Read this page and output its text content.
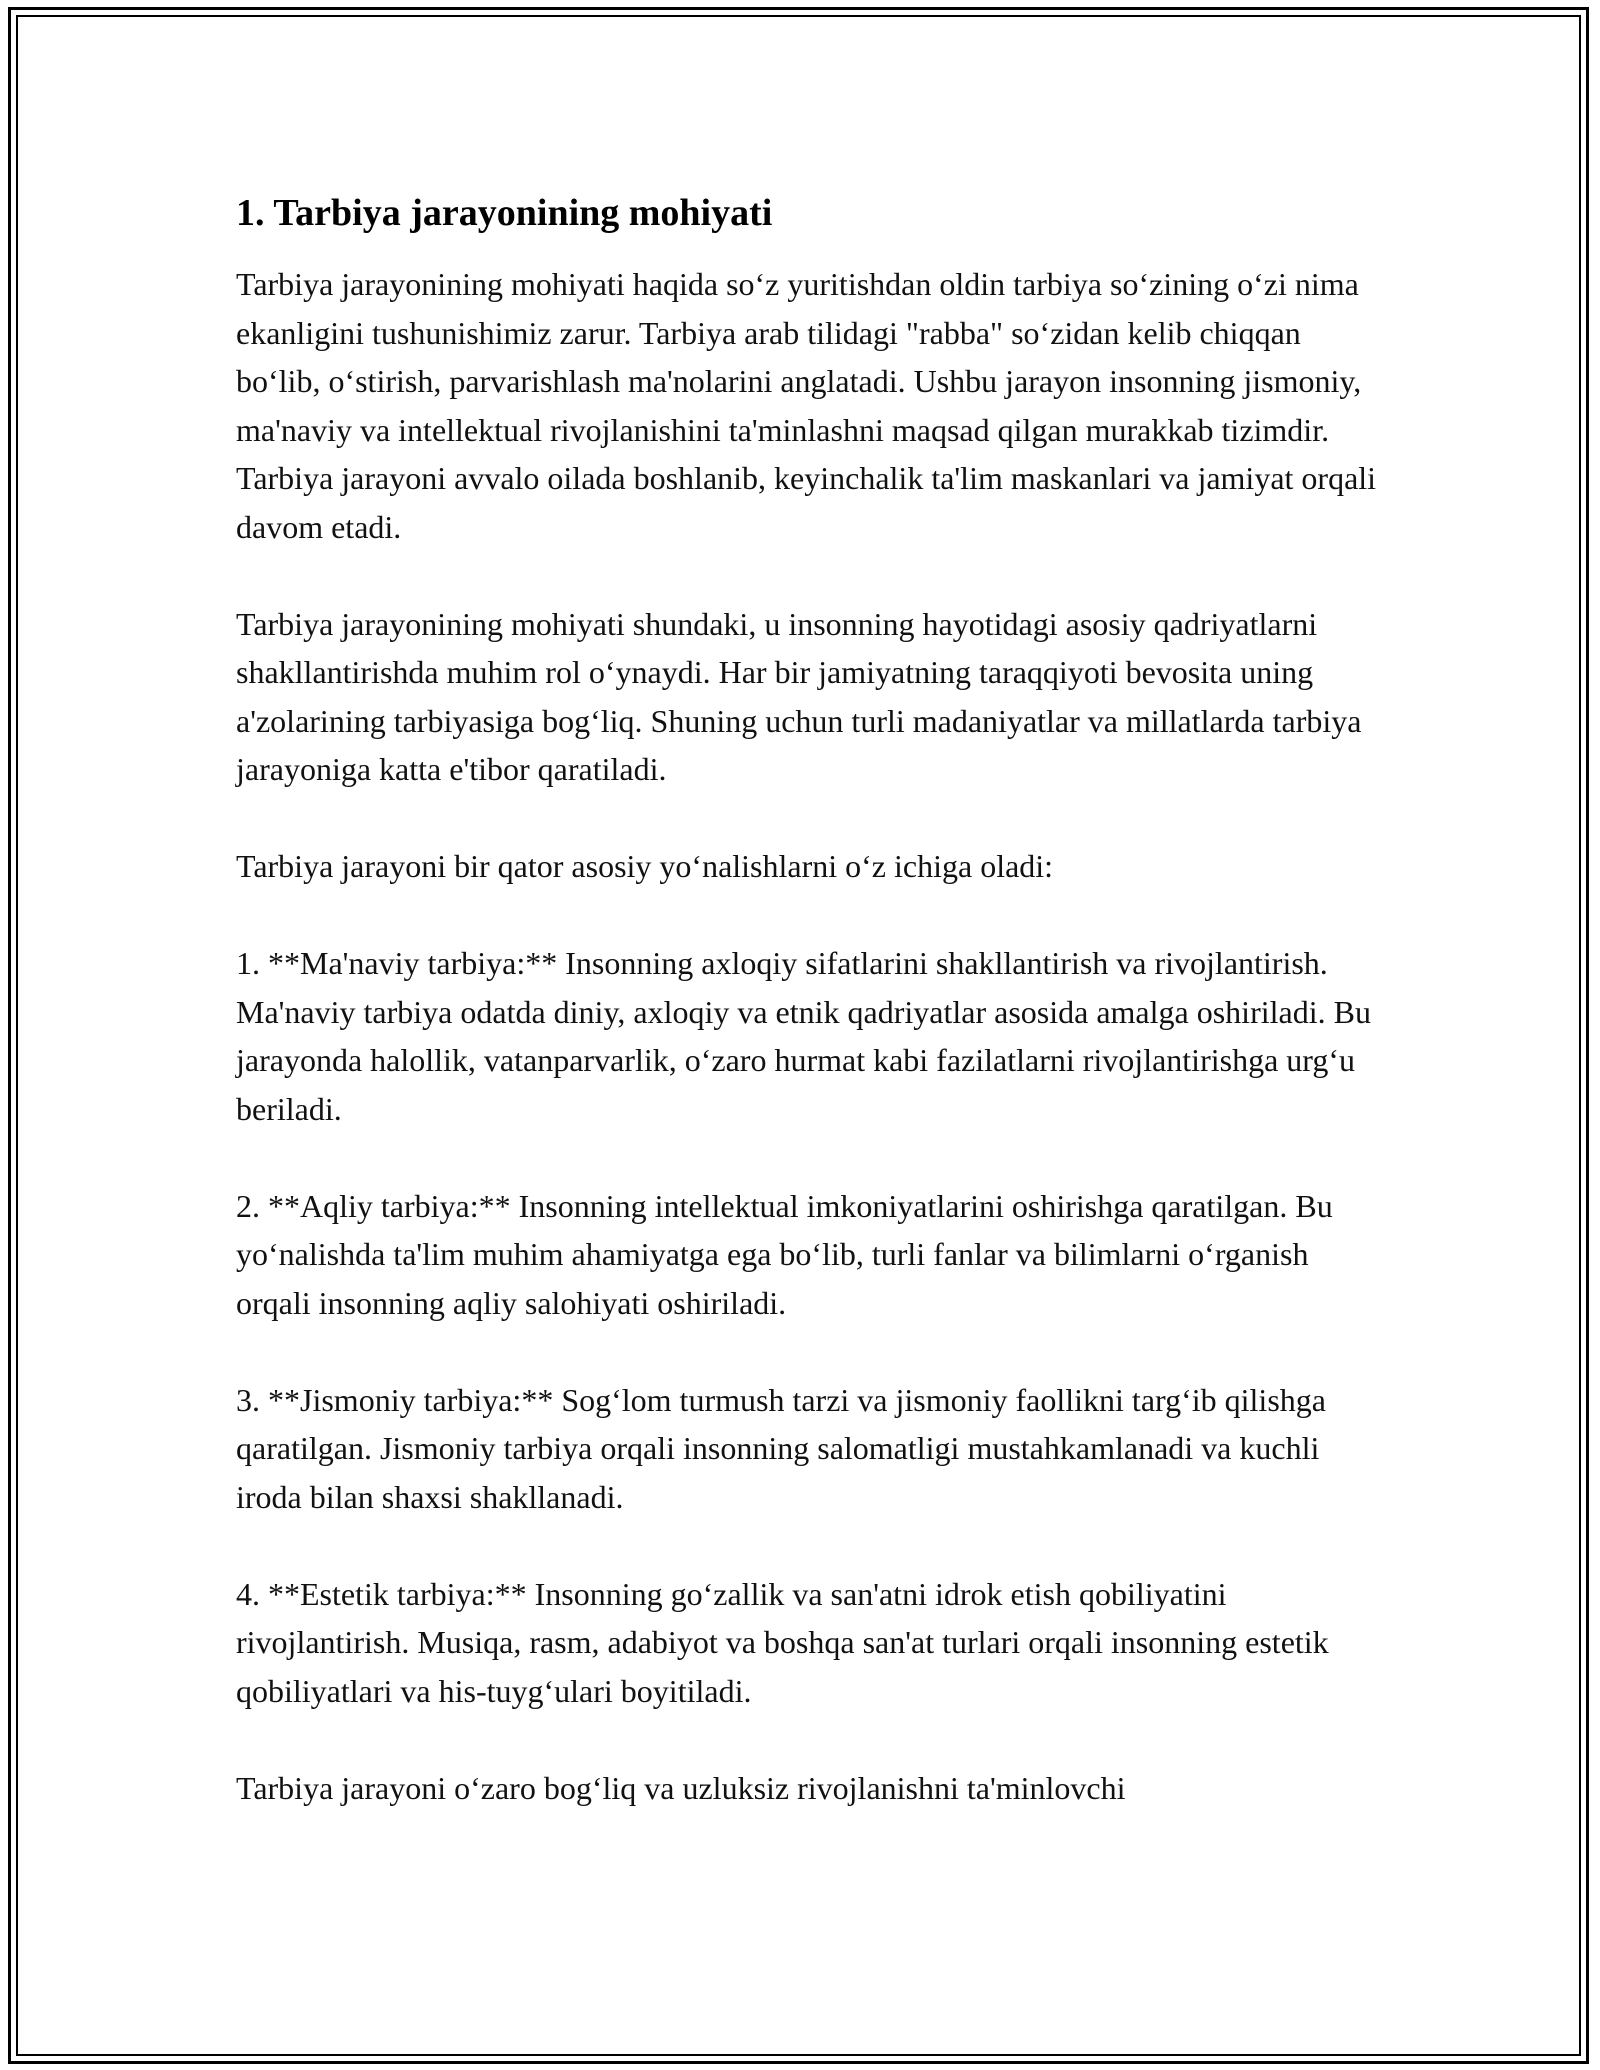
1. Tarbiya jarayonining mohiyati

Tarbiya jarayonining mohiyati haqida so‘z yuritishdan oldin tarbiya so‘zining o‘zi nima ekanligini tushunishimiz zarur. Tarbiya arab tilidagi "rabba" so‘zidan kelib chiqqan bo‘lib, o‘stirish, parvarishlash ma'nolarini anglatadi. Ushbu jarayon insonning jismoniy, ma'naviy va intellektual rivojlanishini ta'minlashni maqsad qilgan murakkab tizimdir. Tarbiya jarayoni avvalo oilada boshlanib, keyinchalik ta'lim maskanlari va jamiyat orqali davom etadi.

Tarbiya jarayonining mohiyati shundaki, u insonning hayotidagi asosiy qadriyatlarni shakllantirishda muhim rol o‘ynaydi. Har bir jamiyatning taraqqiyoti bevosita uning a'zolarining tarbiyasiga bog‘liq. Shuning uchun turli madaniyatlar va millatlarda tarbiya jarayoniga katta e'tibor qaratiladi.

Tarbiya jarayoni bir qator asosiy yo‘nalishlarni o‘z ichiga oladi:

1. **Ma'naviy tarbiya:** Insonning axloqiy sifatlarini shakllantirish va rivojlantirish. Ma'naviy tarbiya odatda diniy, axloqiy va etnik qadriyatlar asosida amalga oshiriladi. Bu jarayonda halollik, vatanparvarlik, o‘zaro hurmat kabi fazilatlarni rivojlantirishga urg‘u beriladi.

2. **Aqliy tarbiya:** Insonning intellektual imkoniyatlarini oshirishga qaratilgan. Bu yo‘nalishda ta'lim muhim ahamiyatga ega bo‘lib, turli fanlar va bilimlarni o‘rganish orqali insonning aqliy salohiyati oshiriladi.

3. **Jismoniy tarbiya:** Sog‘lom turmush tarzi va jismoniy faollikni targ‘ib qilishga qaratilgan. Jismoniy tarbiya orqali insonning salomatligi mustahkamlanadi va kuchli iroda bilan shaxsi shakllanadi.

4. **Estetik tarbiya:** Insonning go‘zallik va san'atni idrok etish qobiliyatini rivojlantirish. Musiqa, rasm, adabiyot va boshqa san'at turlari orqali insonning estetik qobiliyatlari va his-tuyg‘ulari boyitiladi.

Tarbiya jarayoni o‘zaro bog‘liq va uzluksiz rivojlanishni ta'minlovchi
